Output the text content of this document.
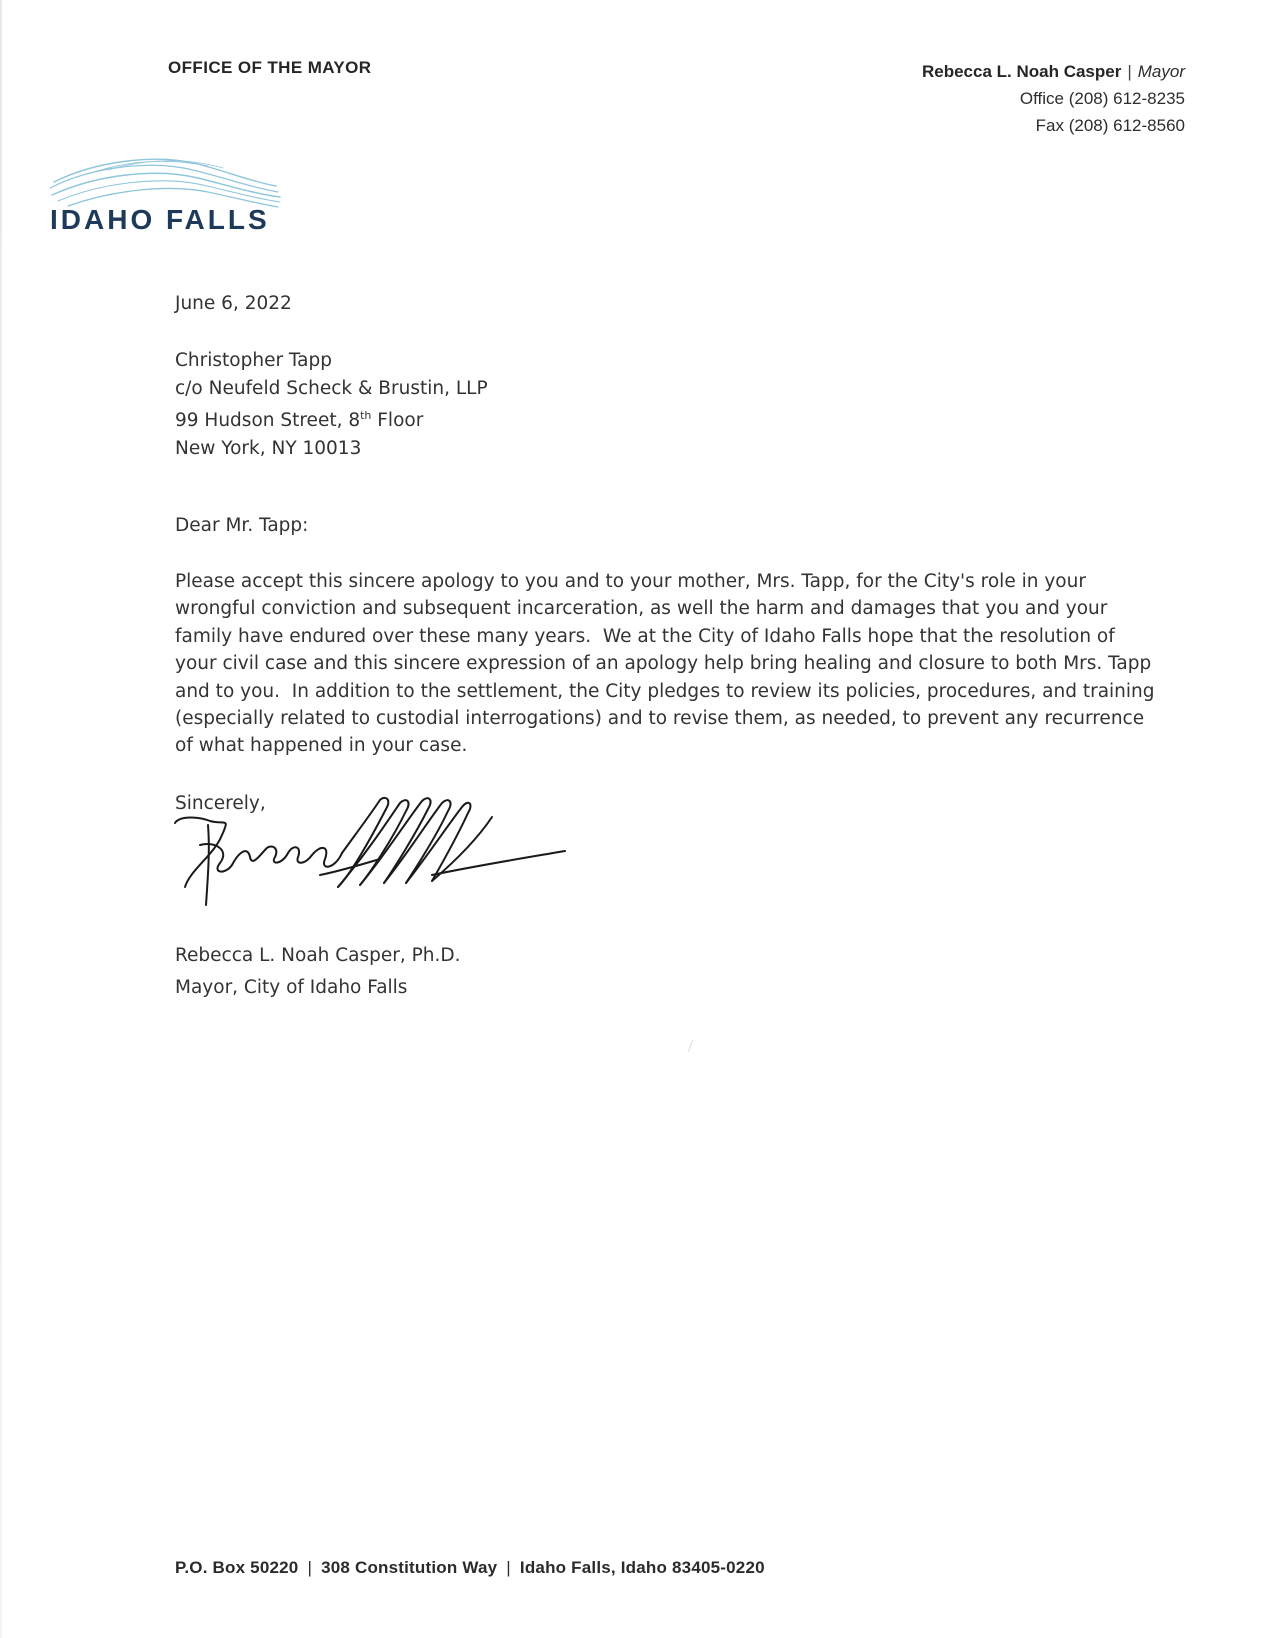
OFFICE OF THE MAYOR	Rebecca L. Noah Casper | Mayor
Office (208) 612-8235
Fax (208) 612-8560
IDAHO FALLS
June 6, 2022
Christopher Tapp
c/o Neufeld Scheck & Brustin, LLP
99 Hudson Street, 8th Floor
New York, NY 10013
Dear Mr. Tapp:
Please accept this sincere apology to you and to your mother, Mrs. Tapp, for the City's role in your wrongful conviction and subsequent incarceration, as well the harm and damages that you and your family have endured over these many years.  We at the City of Idaho Falls hope that the resolution of your civil case and this sincere expression of an apology help bring healing and closure to both Mrs. Tapp and to you.  In addition to the settlement, the City pledges to review its policies, procedures, and training (especially related to custodial interrogations) and to revise them, as needed, to prevent any recurrence of what happened in your case.
Sincerely,
Rebecca L. Noah Casper, Ph.D.
Mayor, City of Idaho Falls
P.O. Box 50220 | 308 Constitution Way | Idaho Falls, Idaho 83405-0220
